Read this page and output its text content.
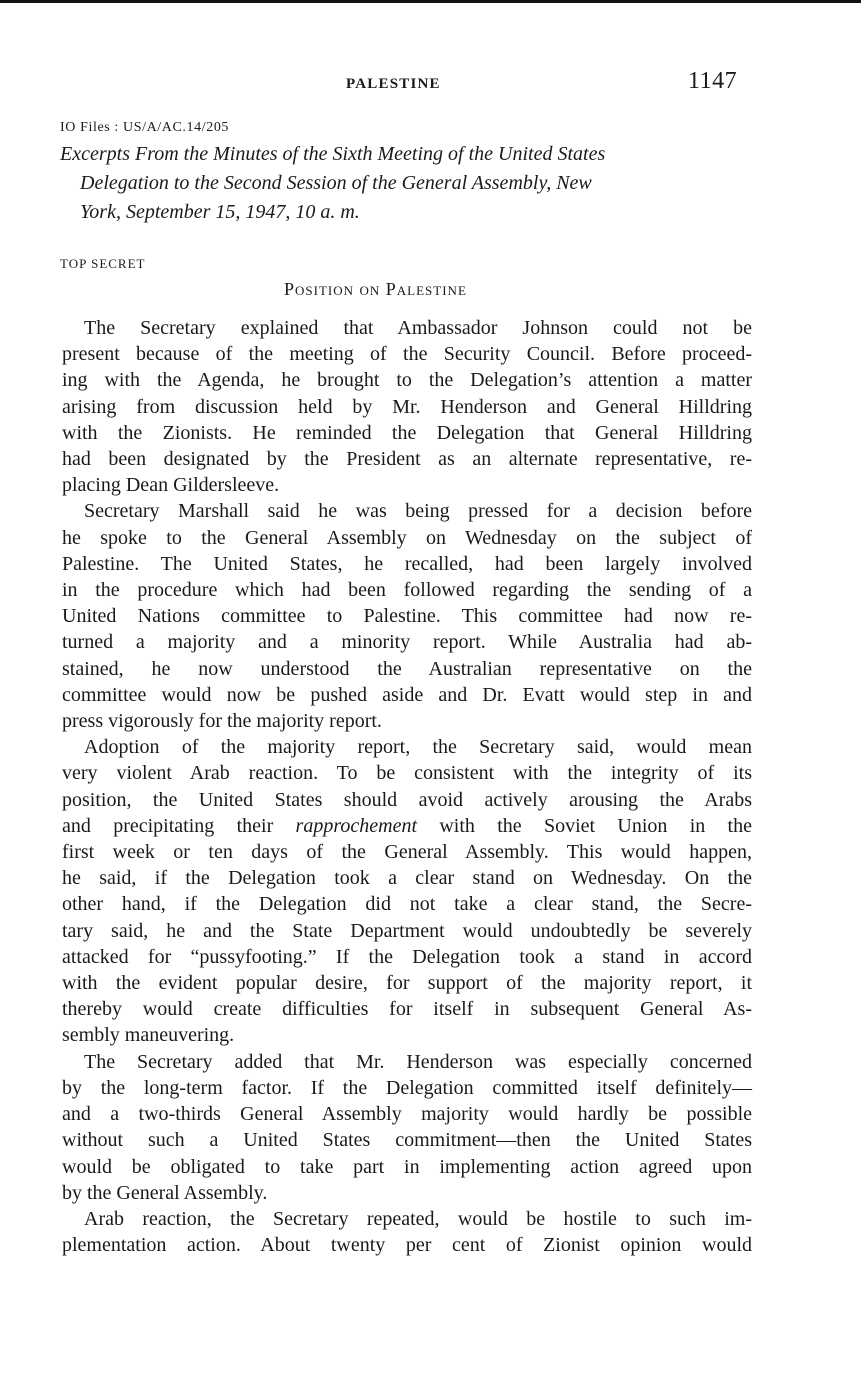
PALESTINE	1147
IO Files : US/A/AC.14/205
Excerpts From the Minutes of the Sixth Meeting of the United States
Delegation to the Second Session of the General Assembly, New
York, September 15, 1947, 10 a. m.
TOP SECRET
Position on Palestine
The Secretary explained that Ambassador Johnson could not be
present because of the meeting of the Security Council. Before proceed-
ing with the Agenda, he brought to the Delegation’s attention a matter
arising from discussion held by Mr. Henderson and General Hilldring
with the Zionists. He reminded the Delegation that General Hilldring
had been designated by the President as an alternate representative, re-
placing Dean Gildersleeve.
Secretary Marshall said he was being pressed for a decision before
he spoke to the General Assembly on Wednesday on the subject of
Palestine. The United States, he recalled, had been largely involved
in the procedure which had been followed regarding the sending of a
United Nations committee to Palestine. This committee had now re-
turned a majority and a minority report. While Australia had ab-
stained, he now understood the Australian representative on the
committee would now be pushed aside and Dr. Evatt would step in and
press vigorously for the majority report.
Adoption of the majority report, the Secretary said, would mean
very violent Arab reaction. To be consistent with the integrity of its
position, the United States should avoid actively arousing the Arabs
and precipitating their rapprochement with the Soviet Union in the
first week or ten days of the General Assembly. This would happen,
he said, if the Delegation took a clear stand on Wednesday. On the
other hand, if the Delegation did not take a clear stand, the Secre-
tary said, he and the State Department would undoubtedly be severely
attacked for “pussyfooting.” If the Delegation took a stand in accord
with the evident popular desire, for support of the majority report, it
thereby would create difficulties for itself in subsequent General As-
sembly maneuvering.
The Secretary added that Mr. Henderson was especially concerned
by the long-term factor. If the Delegation committed itself definitely—
and a two-thirds General Assembly majority would hardly be possible
without such a United States commitment—then the United States
would be obligated to take part in implementing action agreed upon
by the General Assembly.
Arab reaction, the Secretary repeated, would be hostile to such im-
plementation action. About twenty per cent of Zionist opinion would
